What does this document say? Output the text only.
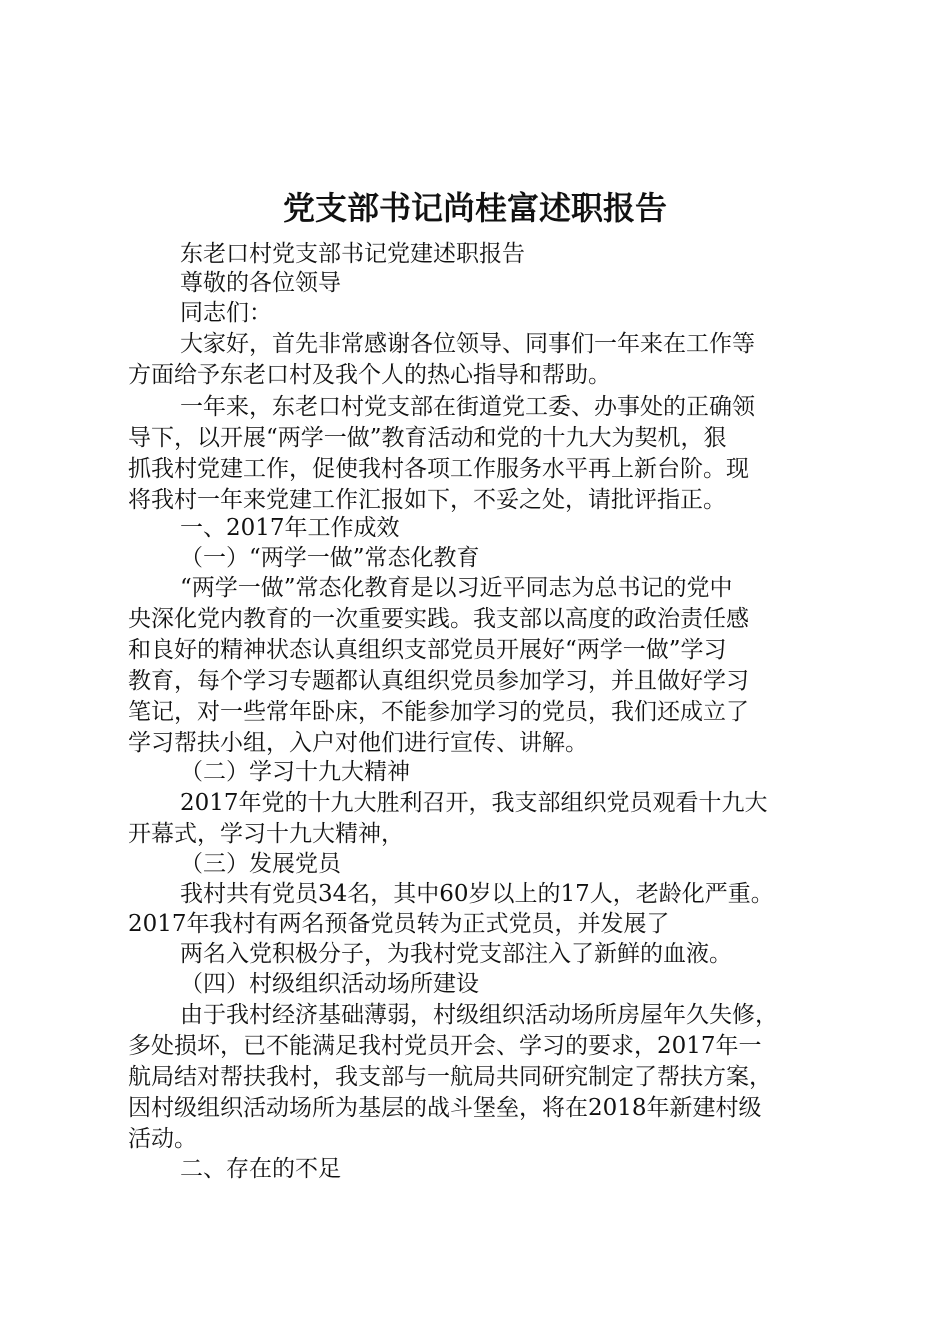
党支部书记尚桂富述职报告
东老口村党支部书记党建述职报告
尊敬的各位领导
同志们：
大家好，首先非常感谢各位领导、同事们一年来在工作等
方面给予东老口村及我个人的热心指导和帮助。
一年来，东老口村党支部在街道党工委、办事处的正确领
导下，以开展“两学一做”教育活动和党的十九大为契机，狠
抓我村党建工作，促使我村各项工作服务水平再上新台阶。现
将我村一年来党建工作汇报如下，不妥之处，请批评指正。
一、2017年工作成效
（一）“两学一做”常态化教育
“两学一做”常态化教育是以习近平同志为总书记的党中
央深化党内教育的一次重要实践。我支部以高度的政治责任感
和良好的精神状态认真组织支部党员开展好“两学一做”学习
教育，每个学习专题都认真组织党员参加学习，并且做好学习
笔记，对一些常年卧床，不能参加学习的党员，我们还成立了
学习帮扶小组，入户对他们进行宣传、讲解。
（二）学习十九大精神
2017年党的十九大胜利召开，我支部组织党员观看十九大
开幕式，学习十九大精神，
（三）发展党员
我村共有党员34名，其中60岁以上的17人，老龄化严重。
2017年我村有两名预备党员转为正式党员，并发展了
两名入党积极分子，为我村党支部注入了新鲜的血液。
（四）村级组织活动场所建设
由于我村经济基础薄弱，村级组织活动场所房屋年久失修，
多处损坏，已不能满足我村党员开会、学习的要求，2017年一
航局结对帮扶我村，我支部与一航局共同研究制定了帮扶方案，
因村级组织活动场所为基层的战斗堡垒，将在2018年新建村级
活动。
二、存在的不足
